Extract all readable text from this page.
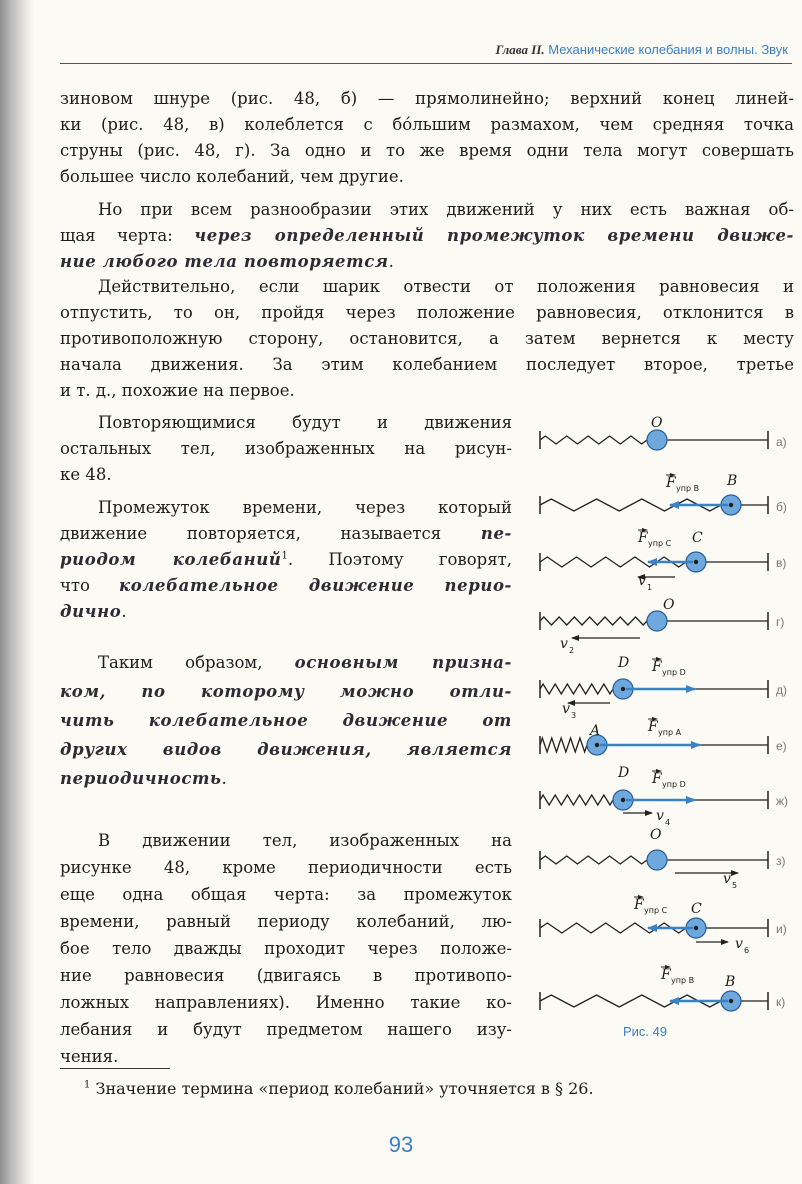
Глава II. Механические колебания и волны. Звук
зиновом шнуре (рис. 48, б) — прямолинейно; верхний конец линей-
ки (рис. 48, в) колеблется с бо́льшим размахом, чем средняя точка
струны (рис. 48, г). За одно и то же время одни тела могут совершать
большее число колебаний, чем другие.
Но при всем разнообразии этих движений у них есть важная об-
щая черта: через определенный промежуток времени движе-
ние любого тела повторяется.
Действительно, если шарик отвести от положения равновесия и
отпустить, то он, пройдя через положение равновесия, отклонится в
противоположную сторону, остановится, а затем вернется к месту
начала движения. За этим колебанием последует второе, третье
и т. д., похожие на первое.
Повторяющимися будут и движения
остальных тел, изображенных на рисун-
ке 48.
Промежуток времени, через который
движение повторяется, называется пе-
риодом колебаний$^1$. Поэтому говорят,
что колебательное движение перио-
дично.
Таким образом, основным призна-
ком, по которому можно отли-
чить колебательное движение от
других видов движения, является
периодичность.
В движении тел, изображенных на
рисунке 48, кроме периодичности есть
еще одна общая черта: за промежуток
времени, равный периоду колебаний, лю-
бое тело дважды проходит через положе-
ние равновесия (двигаясь в противопо-
ложных направлениях). Именно такие ко-
лебания и будут предметом нашего изу-
чения.
а)
б)
в)
г)
д)
е)
ж)
з)
и)
к)
O
F упр B B
F упр C C
v 1
O
v 2
D F упр D
v 3
A	F упр A
D F упр D
v 4
O
v 5
F упр C C
v 6
F упр B B
Рис. 49
$^1$ Значение термина «период колебаний» уточняется в § 26.
93
